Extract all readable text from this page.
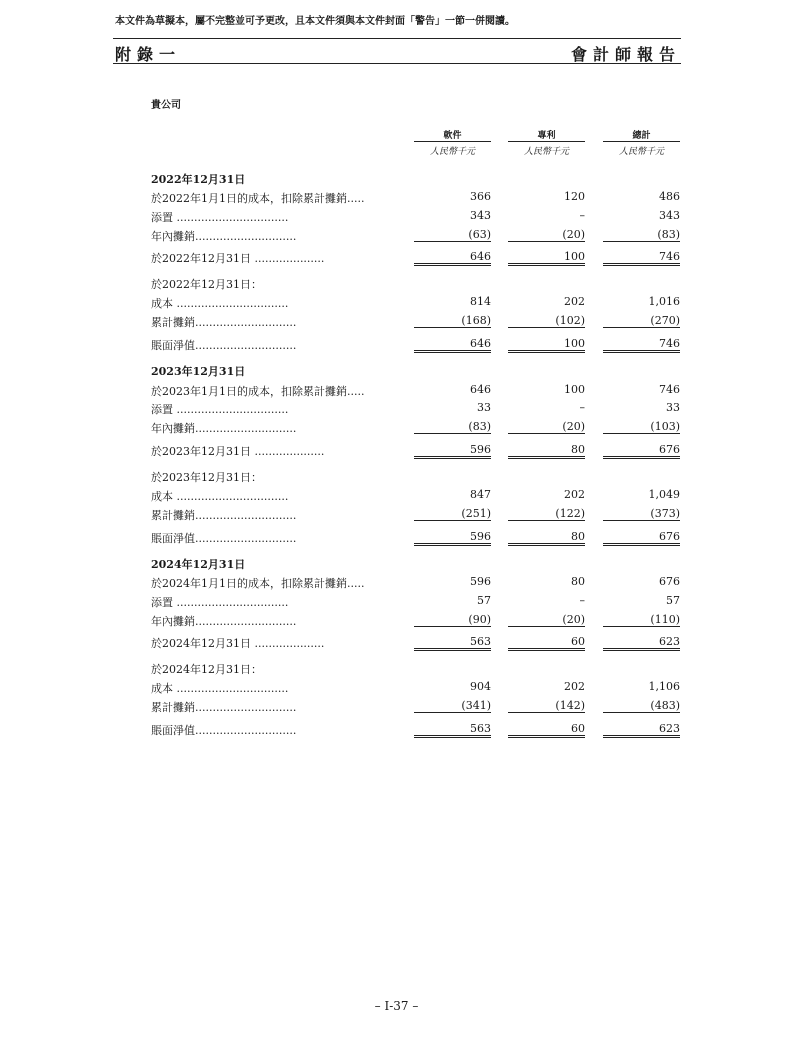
本文件為草擬本，屬不完整並可予更改，且本文件須與本文件封面「警告」一節一併閱讀。
附錄一	會計師報告
貴公司
軟件	專利	總計
人民幣千元	人民幣千元	人民幣千元
2022年12月31日
於2022年1月1日的成本，扣除累計攤銷.....	366	120	486
添置 ................................	343	–	343
年內攤銷.............................	(63)	(20)	(83)
於2022年12月31日 ....................	646	100	746
於2022年12月31日：
成本 ................................	814	202	1,016
累計攤銷.............................	(168)	(102)	(270)
賬面淨值.............................	646	100	746
2023年12月31日
於2023年1月1日的成本，扣除累計攤銷.....	646	100	746
添置 ................................	33	–	33
年內攤銷.............................	(83)	(20)	(103)
於2023年12月31日 ....................	596	80	676
於2023年12月31日：
成本 ................................	847	202	1,049
累計攤銷.............................	(251)	(122)	(373)
賬面淨值.............................	596	80	676
2024年12月31日
於2024年1月1日的成本，扣除累計攤銷.....	596	80	676
添置 ................................	57	–	57
年內攤銷.............................	(90)	(20)	(110)
於2024年12月31日 ....................	563	60	623
於2024年12月31日：
成本 ................................	904	202	1,106
累計攤銷.............................	(341)	(142)	(483)
賬面淨值.............................	563	60	623
– I-37 –
